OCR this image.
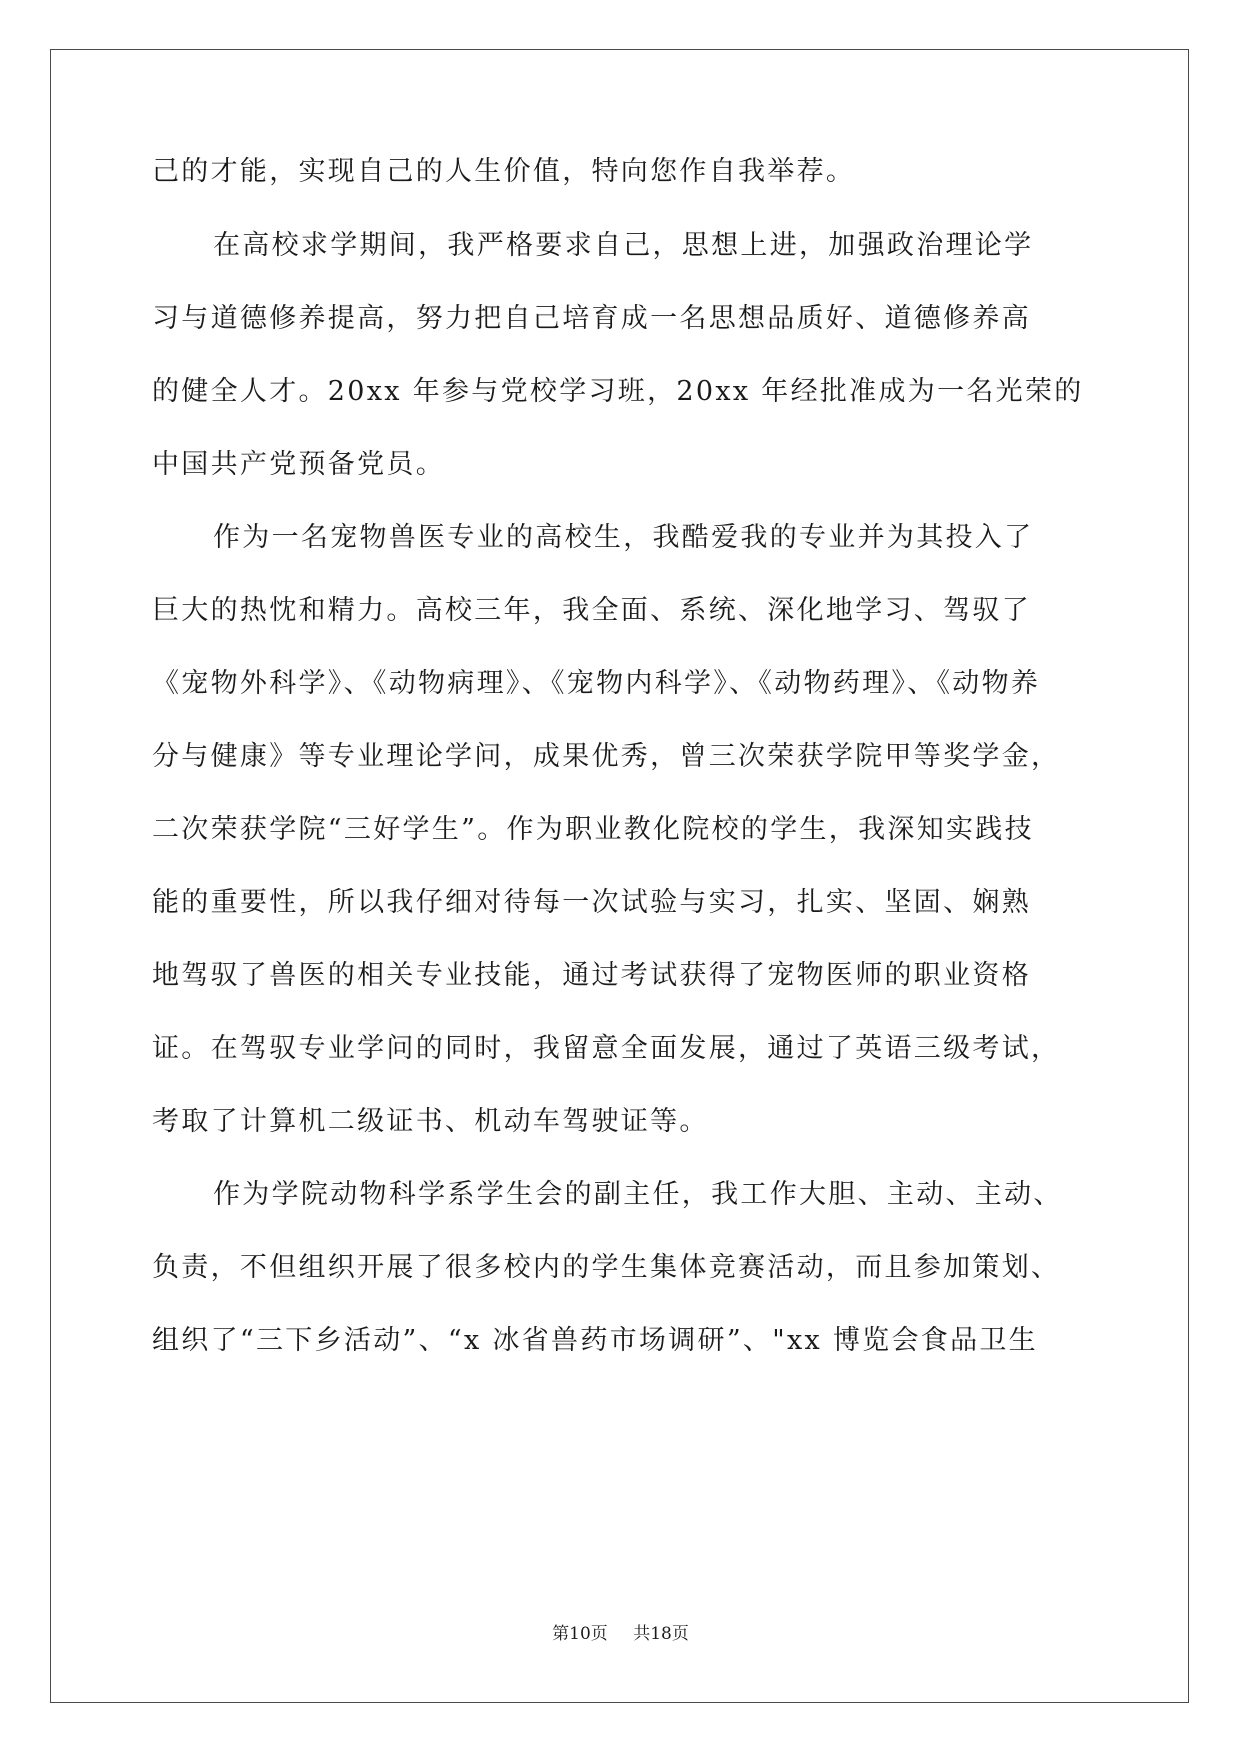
己的才能，实现自己的人生价值，特向您作自我举荐。
在高校求学期间，我严格要求自己，思想上进，加强政治理论学
习与道德修养提高，努力把自己培育成一名思想品质好、道德修养高
的健全人才。20xx 年参与党校学习班，20xx 年经批准成为一名光荣的
中国共产党预备党员。
作为一名宠物兽医专业的高校生，我酷爱我的专业并为其投入了
巨大的热忱和精力。高校三年，我全面、系统、深化地学习、驾驭了
《宠物外科学》、《动物病理》、《宠物内科学》、《动物药理》、《动物养
分与健康》等专业理论学问，成果优秀，曾三次荣获学院甲等奖学金，
二次荣获学院“三好学生”。作为职业教化院校的学生，我深知实践技
能的重要性，所以我仔细对待每一次试验与实习，扎实、坚固、娴熟
地驾驭了兽医的相关专业技能，通过考试获得了宠物医师的职业资格
证。在驾驭专业学问的同时，我留意全面发展，通过了英语三级考试，
考取了计算机二级证书、机动车驾驶证等。
作为学院动物科学系学生会的副主任，我工作大胆、主动、主动、
负责，不但组织开展了很多校内的学生集体竞赛活动，而且参加策划、
组织了“三下乡活动”、“x 冰省兽药市场调研”、"xx 博览会食品卫生
第10页 共18页
